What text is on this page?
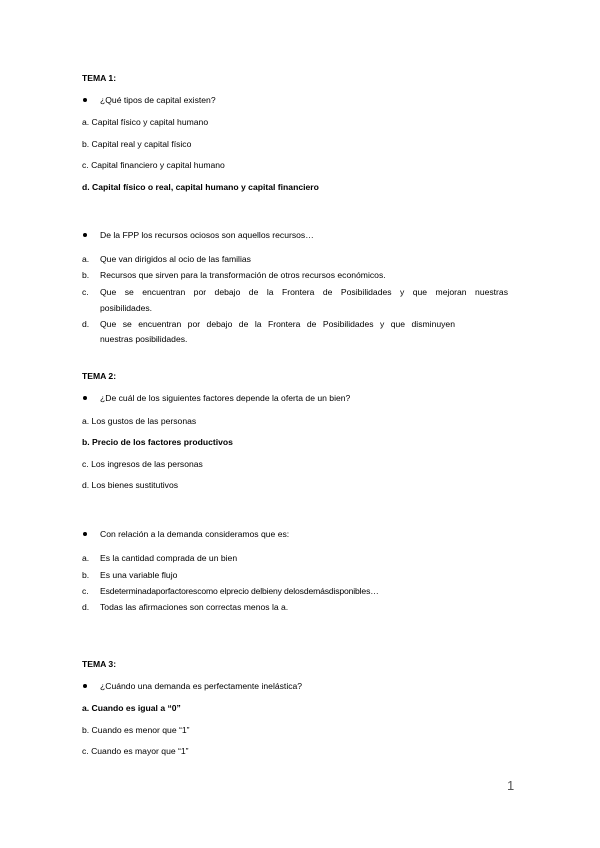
TEMA 1:
¿Qué tipos de capital existen?
a. Capital físico y capital humano
b. Capital real y capital físico
c. Capital financiero y capital humano
d. Capital físico o real, capital humano y capital financiero
De la FPP los recursos ociosos son aquellos recursos…
a. Que van dirigidos al ocio de las familias
b. Recursos que sirven para la transformación de otros recursos económicos.
c. Que se encuentran por debajo de la Frontera de Posibilidades y que mejoran nuestras
posibilidades.
d. Que se encuentran por debajo de la Frontera de Posibilidades y que disminuyen
nuestras posibilidades.
TEMA 2:
¿De cuál de los siguientes factores depende la oferta de un bien?
a. Los gustos de las personas
b. Precio de los factores productivos
c. Los ingresos de las personas
d. Los bienes sustitutivos
Con relación a la demanda consideramos que es:
a. Es la cantidad comprada de un bien
b. Es una variable flujo
c. Esdeterminadaporfactorescomo elprecio delbieny delosdemásdisponibles…
d. Todas las afirmaciones son correctas menos la a.
TEMA 3:
¿Cuándo una demanda es perfectamente inelástica?
a. Cuando es igual a “0”
b. Cuando es menor que “1”
c. Cuando es mayor que “1”
1
